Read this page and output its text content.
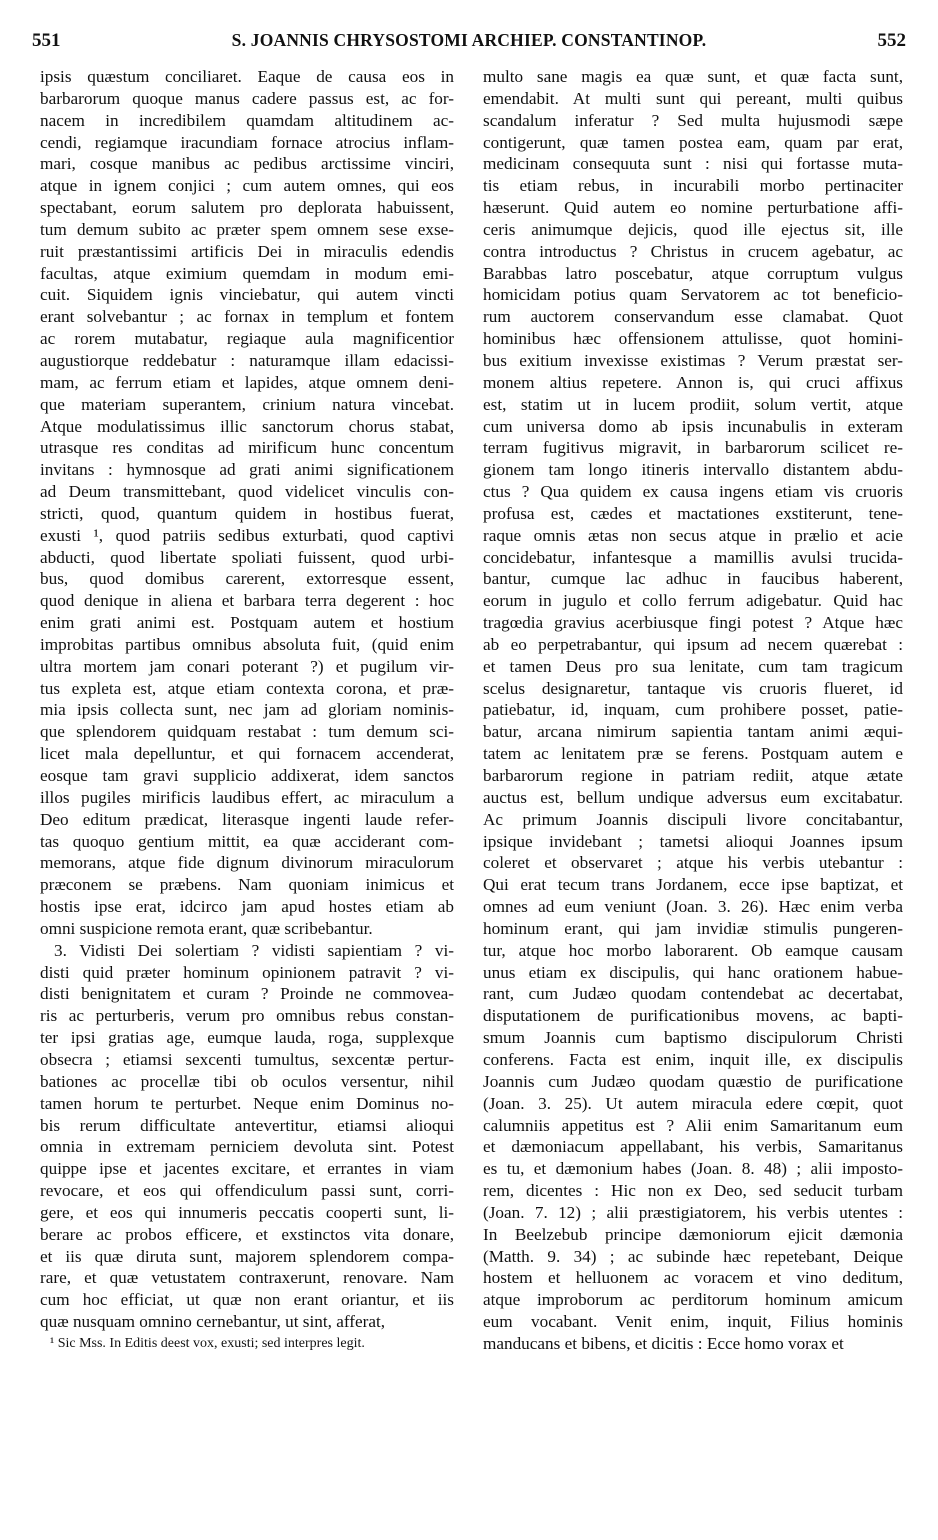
551	S. JOANNIS CHRYSOSTOMI ARCHIEP. CONSTANTINOP.	552
ipsis quæstum conciliaret. Eaque de causa eos in
barbarorum quoque manus cadere passus est, ac for-
nacem in incredibilem quamdam altitudinem ac-
cendi, regiamque iracundiam fornace atrocius inflam-
mari, cosque manibus ac pedibus arctissime vinciri,
atque in ignem conjici ; cum autem omnes, qui eos
spectabant, eorum salutem pro deplorata habuissent,
tum demum subito ac præter spem omnem sese exse-
ruit præstantissimi artificis Dei in miraculis edendis
facultas, atque eximium quemdam in modum emi-
cuit. Siquidem ignis vinciebatur, qui autem vincti
erant solvebantur ; ac fornax in templum et fontem
ac rorem mutabatur, regiaque aula magnificentior
augustiorque reddebatur : naturamque illam edacissi-
mam, ac ferrum etiam et lapides, atque omnem deni-
que materiam superantem, crinium natura vincebat.
Atque modulatissimus illic sanctorum chorus stabat,
utrasque res conditas ad mirificum hunc concentum
invitans : hymnosque ad grati animi significationem
ad Deum transmittebant, quod videlicet vinculis con-
stricti, quod, quantum quidem in hostibus fuerat,
exusti ¹, quod patriis sedibus exturbati, quod captivi
abducti, quod libertate spoliati fuissent, quod urbi-
bus, quod domibus carerent, extorresque essent,
quod denique in aliena et barbara terra degerent : hoc
enim grati animi est. Postquam autem et hostium
improbitas partibus omnibus absoluta fuit, (quid enim
ultra mortem jam conari poterant ?) et pugilum vir-
tus expleta est, atque etiam contexta corona, et præ-
mia ipsis collecta sunt, nec jam ad gloriam nominis-
que splendorem quidquam restabat : tum demum sci-
licet mala depelluntur, et qui fornacem accenderat,
eosque tam gravi supplicio addixerat, idem sanctos
illos pugiles mirificis laudibus effert, ac miraculum a
Deo editum prædicat, literasque ingenti laude refer-
tas quoquo gentium mittit, ea quæ acciderant com-
memorans, atque fide dignum divinorum miraculorum
præconem se præbens. Nam quoniam inimicus et
hostis ipse erat, idcirco jam apud hostes etiam ab
omni suspicione remota erant, quæ scribebantur.
3. Vidisti Dei solertiam ? vidisti sapientiam ? vi-
disti quid præter hominum opinionem patravit ? vi-
disti benignitatem et curam ? Proinde ne commovea-
ris ac perturberis, verum pro omnibus rebus constan-
ter ipsi gratias age, eumque lauda, roga, supplexque
obsecra ; etiamsi sexcenti tumultus, sexcentæ pertur-
bationes ac procellæ tibi ob oculos versentur, nihil
tamen horum te perturbet. Neque enim Dominus no-
bis rerum difficultate antevertitur, etiamsi alioqui
omnia in extremam perniciem devoluta sint. Potest
quippe ipse et jacentes excitare, et errantes in viam
revocare, et eos qui offendiculum passi sunt, corri-
gere, et eos qui innumeris peccatis cooperti sunt, li-
berare ac probos efficere, et exstinctos vita donare,
et iis quæ diruta sunt, majorem splendorem compa-
rare, et quæ vetustatem contraxerunt, renovare. Nam
cum hoc efficiat, ut quæ non erant oriantur, et iis
quæ nusquam omnino cernebantur, ut sint, afferat,
¹ Sic Mss. In Editis deest vox, exusti; sed interpres legit.
multo sane magis ea quæ sunt, et quæ facta sunt,
emendabit. At multi sunt qui pereant, multi quibus
scandalum inferatur ? Sed multa hujusmodi sæpe
contigerunt, quæ tamen postea eam, quam par erat,
medicinam consequuta sunt : nisi qui fortasse muta-
tis etiam rebus, in incurabili morbo pertinaciter
hæserunt. Quid autem eo nomine perturbatione affi-
ceris animumque dejicis, quod ille ejectus sit, ille
contra introductus ? Christus in crucem agebatur, ac
Barabbas latro poscebatur, atque corruptum vulgus
homicidam potius quam Servatorem ac tot beneficio-
rum auctorem conservandum esse clamabat. Quot
hominibus hæc offensionem attulisse, quot homini-
bus exitium invexisse existimas ? Verum præstat ser-
monem altius repetere. Annon is, qui cruci affixus
est, statim ut in lucem prodiit, solum vertit, atque
cum universa domo ab ipsis incunabulis in exteram
terram fugitivus migravit, in barbarorum scilicet re-
gionem tam longo itineris intervallo distantem abdu-
ctus ? Qua quidem ex causa ingens etiam vis cruoris
profusa est, cædes et mactationes exstiterunt, tene-
raque omnis ætas non secus atque in prælio et acie
concidebatur, infantesque a mamillis avulsi trucida-
bantur, cumque lac adhuc in faucibus haberent,
eorum in jugulo et collo ferrum adigebatur. Quid hac
tragœdia gravius acerbiusque fingi potest ? Atque hæc
ab eo perpetrabantur, qui ipsum ad necem quærebat :
et tamen Deus pro sua lenitate, cum tam tragicum
scelus designaretur, tantaque vis cruoris flueret, id
patiebatur, id, inquam, cum prohibere posset, patie-
batur, arcana nimirum sapientia tantam animi æqui-
tatem ac lenitatem præ se ferens. Postquam autem e
barbarorum regione in patriam rediit, atque ætate
auctus est, bellum undique adversus eum excitabatur.
Ac primum Joannis discipuli livore concitabantur,
ipsique invidebant ; tametsi alioqui Joannes ipsum
coleret et observaret ; atque his verbis utebantur :
Qui erat tecum trans Jordanem, ecce ipse baptizat, et
omnes ad eum veniunt (Joan. 3. 26). Hæc enim verba
hominum erant, qui jam invidiæ stimulis pungeren-
tur, atque hoc morbo laborarent. Ob eamque causam
unus etiam ex discipulis, qui hanc orationem habue-
rant, cum Judæo quodam contendebat ac decertabat,
disputationem de purificationibus movens, ac bapti-
smum Joannis cum baptismo discipulorum Christi
conferens. Facta est enim, inquit ille, ex discipulis
Joannis cum Judæo quodam quæstio de purificatione
(Joan. 3. 25). Ut autem miracula edere cœpit, quot
calumniis appetitus est ? Alii enim Samaritanum eum
et dæmoniacum appellabant, his verbis, Samaritanus
es tu, et dæmonium habes (Joan. 8. 48) ; alii imposto-
rem, dicentes : Hic non ex Deo, sed seducit turbam
(Joan. 7. 12) ; alii præstigiatorem, his verbis utentes :
In Beelzebub principe dæmoniorum ejicit dæmonia
(Matth. 9. 34) ; ac subinde hæc repetebant, Deique
hostem et helluonem ac voracem et vino deditum,
atque improborum ac perditorum hominum amicum
eum vocabant. Venit enim, inquit, Filius hominis
manducans et bibens, et dicitis : Ecce homo vorax et
